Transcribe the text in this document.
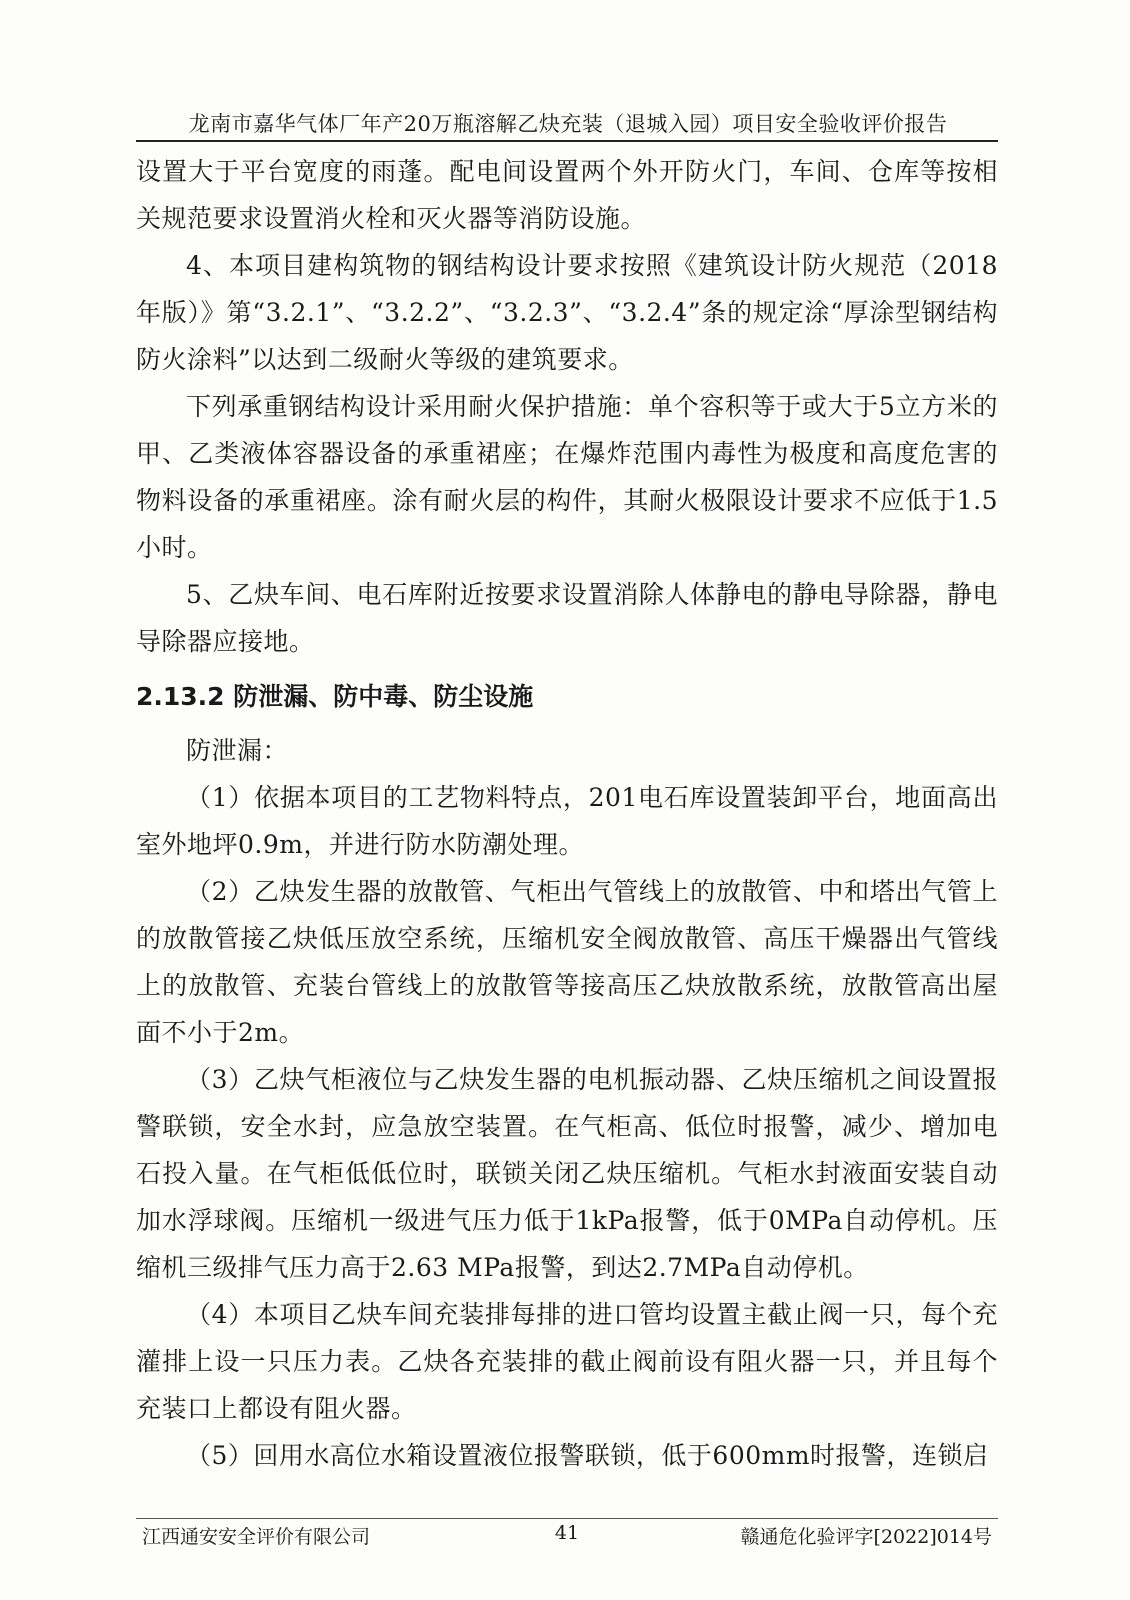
龙南市嘉华气体厂年产20万瓶溶解乙炔充装（退城入园）项目安全验收评价报告

设置大于平台宽度的雨蓬。配电间设置两个外开防火门，车间、仓库等按相关规范要求设置消火栓和灭火器等消防设施。

4、本项目建构筑物的钢结构设计要求按照《建筑设计防火规范（2018年版）》第“3.2.1”、“3.2.2”、“3.2.3”、“3.2.4”条的规定涂“厚涂型钢结构防火涂料”以达到二级耐火等级的建筑要求。

下列承重钢结构设计采用耐火保护措施：单个容积等于或大于5立方米的甲、乙类液体容器设备的承重裙座；在爆炸范围内毒性为极度和高度危害的物料设备的承重裙座。涂有耐火层的构件，其耐火极限设计要求不应低于1.5小时。

5、乙炔车间、电石库附近按要求设置消除人体静电的静电导除器，静电导除器应接地。

2.13.2 防泄漏、防中毒、防尘设施

防泄漏：

（1）依据本项目的工艺物料特点，201电石库设置装卸平台，地面高出室外地坪0.9m，并进行防水防潮处理。

（2）乙炔发生器的放散管、气柜出气管线上的放散管、中和塔出气管上的放散管接乙炔低压放空系统，压缩机安全阀放散管、高压干燥器出气管线上的放散管、充装台管线上的放散管等接高压乙炔放散系统，放散管高出屋面不小于2m。

（3）乙炔气柜液位与乙炔发生器的电机振动器、乙炔压缩机之间设置报警联锁，安全水封，应急放空装置。在气柜高、低位时报警，减少、增加电石投入量。在气柜低低位时，联锁关闭乙炔压缩机。气柜水封液面安装自动加水浮球阀。压缩机一级进气压力低于1kPa报警，低于0MPa自动停机。压缩机三级排气压力高于2.63 MPa报警，到达2.7MPa自动停机。

（4）本项目乙炔车间充装排每排的进口管均设置主截止阀一只，每个充灌排上设一只压力表。乙炔各充装排的截止阀前设有阻火器一只，并且每个充装口上都设有阻火器。

（5）回用水高位水箱设置液位报警联锁，低于600mm时报警，连锁启

江西通安安全评价有限公司	41	赣通危化验评字[2022]014号
